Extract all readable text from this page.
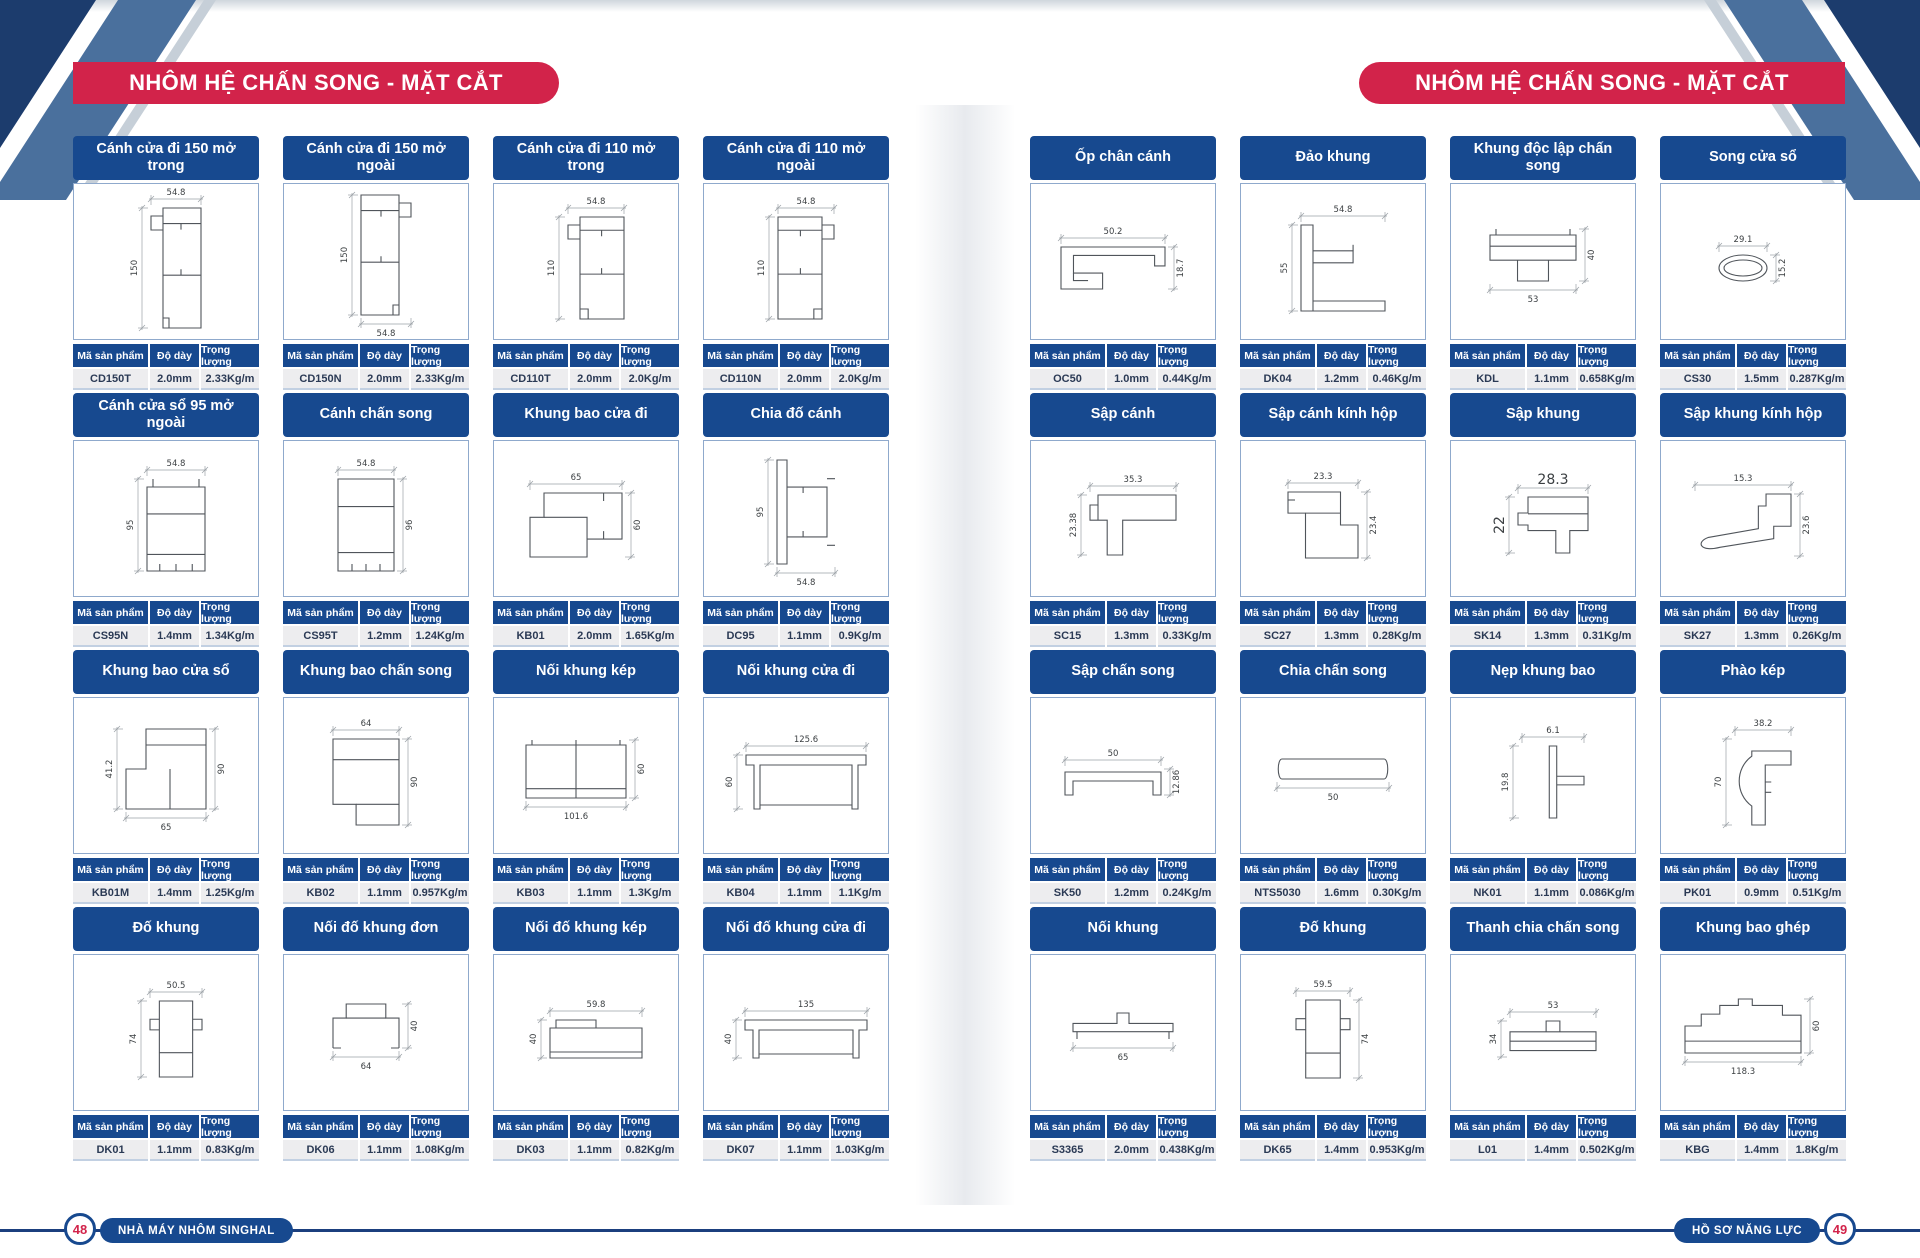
NHÔM HỆ CHẤN SONG - MẶT CẮT	NHÔM HỆ CHẤN SONG - MẶT CẮT
Cánh cửa đi 150 mở trong
54.8
150
Mã sản phẩm	Độ dày Trọng lượng
CD150T	2.0mm	2.33Kg/m
Cánh cửa đi 150 mở ngoài
54.8
150
Mã sản phẩm	Độ dày Trọng lượng
CD150N	2.0mm	2.33Kg/m
Cánh cửa đi 110 mở trong
54.8
110
Mã sản phẩm	Độ dày Trọng lượng
CD110T	2.0mm	2.0Kg/m
Cánh cửa đi 110 mở ngoài
54.8
110
Mã sản phẩm	Độ dày Trọng lượng
CD110N	2.0mm	2.0Kg/m
Cánh cửa sổ 95 mở ngoài
54.8
95
Mã sản phẩm	Độ dày Trọng lượng
CS95N	1.4mm	1.34Kg/m
Cánh chấn song
54.8
96
Mã sản phẩm	Độ dày Trọng lượng
CS95T	1.2mm	1.24Kg/m
Khung bao cửa đi
65
60
Mã sản phẩm	Độ dày Trọng lượng
KB01	2.0mm	1.65Kg/m
Chia đố cánh
54.8
95
Mã sản phẩm	Độ dày Trọng lượng
DC95	1.1mm	0.9Kg/m
Khung bao cửa sổ
65
41.2	90
Mã sản phẩm	Độ dày Trọng lượng
KB01M	1.4mm	1.25Kg/m
Khung bao chấn song
64
90
Mã sản phẩm	Độ dày Trọng lượng
KB02	1.1mm 0.957Kg/m
Nối khung kép
101.6
60
Mã sản phẩm	Độ dày Trọng lượng
KB03	1.1mm	1.3Kg/m
Nối khung cửa đi
125.6
60
Mã sản phẩm	Độ dày Trọng lượng
KB04	1.1mm	1.1Kg/m
Đố khung
50.5
74
Mã sản phẩm	Độ dày Trọng lượng
DK01	1.1mm	0.83Kg/m
Nối đố khung đơn
64
40
Mã sản phẩm	Độ dày Trọng lượng
DK06	1.1mm	1.08Kg/m
Nối đố khung kép
59.8
40
Mã sản phẩm	Độ dày Trọng lượng
DK03	1.1mm	0.82Kg/m
Nối đố khung cửa đi
135
40
Mã sản phẩm	Độ dày Trọng lượng
DK07	1.1mm	1.03Kg/m
Ốp chân cánh
50.2
18.7
Mã sản phẩm	Độ dày Trọng lượng
OC50	1.0mm	0.44Kg/m
Đảo khung
54.8
55
Mã sản phẩm	Độ dày Trọng lượng
DK04	1.2mm	0.46Kg/m
Khung độc lập chấn song
53
40
Mã sản phẩm	Độ dày Trọng lượng
KDL	1.1mm 0.658Kg/m
Song cửa sổ
29.1
15.2
Mã sản phẩm	Độ dày Trọng lượng
CS30	1.5mm 0.287Kg/m
Sập cánh
35.3
23.38
Mã sản phẩm	Độ dày Trọng lượng
SC15	1.3mm	0.33Kg/m
Sập cánh kính hộp
23.3
23.4
Mã sản phẩm	Độ dày Trọng lượng
SC27	1.3mm	0.28Kg/m
Sập khung
28.3
22
Mã sản phẩm	Độ dày Trọng lượng
SK14	1.3mm	0.31Kg/m
Sập khung kính hộp
15.3
23.6
Mã sản phẩm	Độ dày Trọng lượng
SK27	1.3mm	0.26Kg/m
Sập chấn song
50
12.86
Mã sản phẩm	Độ dày Trọng lượng
SK50	1.2mm	0.24Kg/m
Chia chấn song
50
Mã sản phẩm	Độ dày Trọng lượng
NTS5030	1.6mm	0.30Kg/m
Nẹp khung bao
6.1
19.8
Mã sản phẩm	Độ dày Trọng lượng
NK01	1.1mm 0.086Kg/m
Phào kép
38.2
70
Mã sản phẩm	Độ dày Trọng lượng
PK01	0.9mm	0.51Kg/m
Nối khung
65
Mã sản phẩm	Độ dày Trọng lượng
S3365	2.0mm 0.438Kg/m
Đố khung
59.5
74
Mã sản phẩm	Độ dày Trọng lượng
DK65	1.4mm 0.953Kg/m
Thanh chia chấn song
53
34
Mã sản phẩm	Độ dày Trọng lượng
L01	1.4mm 0.502Kg/m
Khung bao ghép
118.3
60
Mã sản phẩm	Độ dày Trọng lượng
KBG	1.4mm	1.8Kg/m
48	NHÀ MÁY NHÔM SINGHAL	HỒ SƠ NĂNG LỰC	49
